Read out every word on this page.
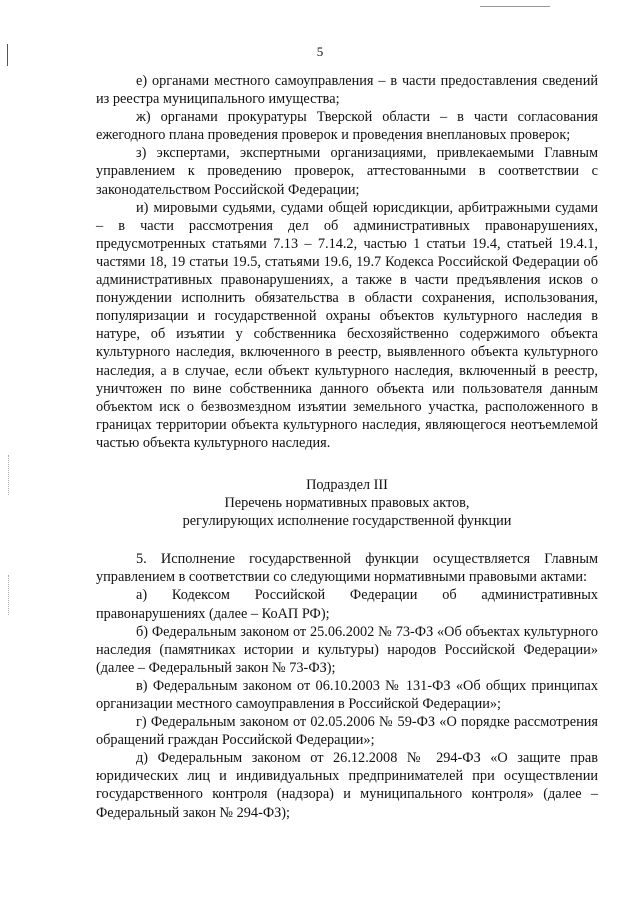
5

е) органами местного самоуправления – в части предоставления сведений из реестра муниципального имущества;

ж) органами прокуратуры Тверской области – в части согласования ежегодного плана проведения проверок и проведения внеплановых проверок;

з) экспертами, экспертными организациями, привлекаемыми Главным управлением к проведению проверок, аттестованными в соответствии с законодательством Российской Федерации;

и) мировыми судьями, судами общей юрисдикции, арбитражными судами – в части рассмотрения дел об административных правонарушениях, предусмотренных статьями 7.13 – 7.14.2, частью 1 статьи 19.4, статьей 19.4.1, частями 18, 19 статьи 19.5, статьями 19.6, 19.7 Кодекса Российской Федерации об административных правонарушениях, а также в части предъявления исков о понуждении исполнить обязательства в области сохранения, использования, популяризации и государственной охраны объектов культурного наследия в натуре, об изъятии у собственника бесхозяйственно содержимого объекта культурного наследия, включенного в реестр, выявленного объекта культурного наследия, а в случае, если объект культурного наследия, включенный в реестр, уничтожен по вине собственника данного объекта или пользователя данным объектом иск о безвозмездном изъятии земельного участка, расположенного в границах территории объекта культурного наследия, являющегося неотъемлемой частью объекта культурного наследия.

Подраздел III
Перечень нормативных правовых актов,
регулирующих исполнение государственной функции

5. Исполнение государственной функции осуществляется Главным управлением в соответствии со следующими нормативными правовыми актами:

а) Кодексом Российской Федерации об административных правонарушениях (далее – КоАП РФ);

б) Федеральным законом от 25.06.2002 № 73-ФЗ «Об объектах культурного наследия (памятниках истории и культуры) народов Российской Федерации» (далее – Федеральный закон № 73-ФЗ);

в) Федеральным законом от 06.10.2003 № 131-ФЗ «Об общих принципах организации местного самоуправления в Российской Федерации»;

г) Федеральным законом от 02.05.2006 № 59-ФЗ «О порядке рассмотрения обращений граждан Российской Федерации»;

д) Федеральным законом от 26.12.2008 № 294-ФЗ «О защите прав юридических лиц и индивидуальных предпринимателей при осуществлении государственного контроля (надзора) и муниципального контроля» (далее – Федеральный закон № 294-ФЗ);
